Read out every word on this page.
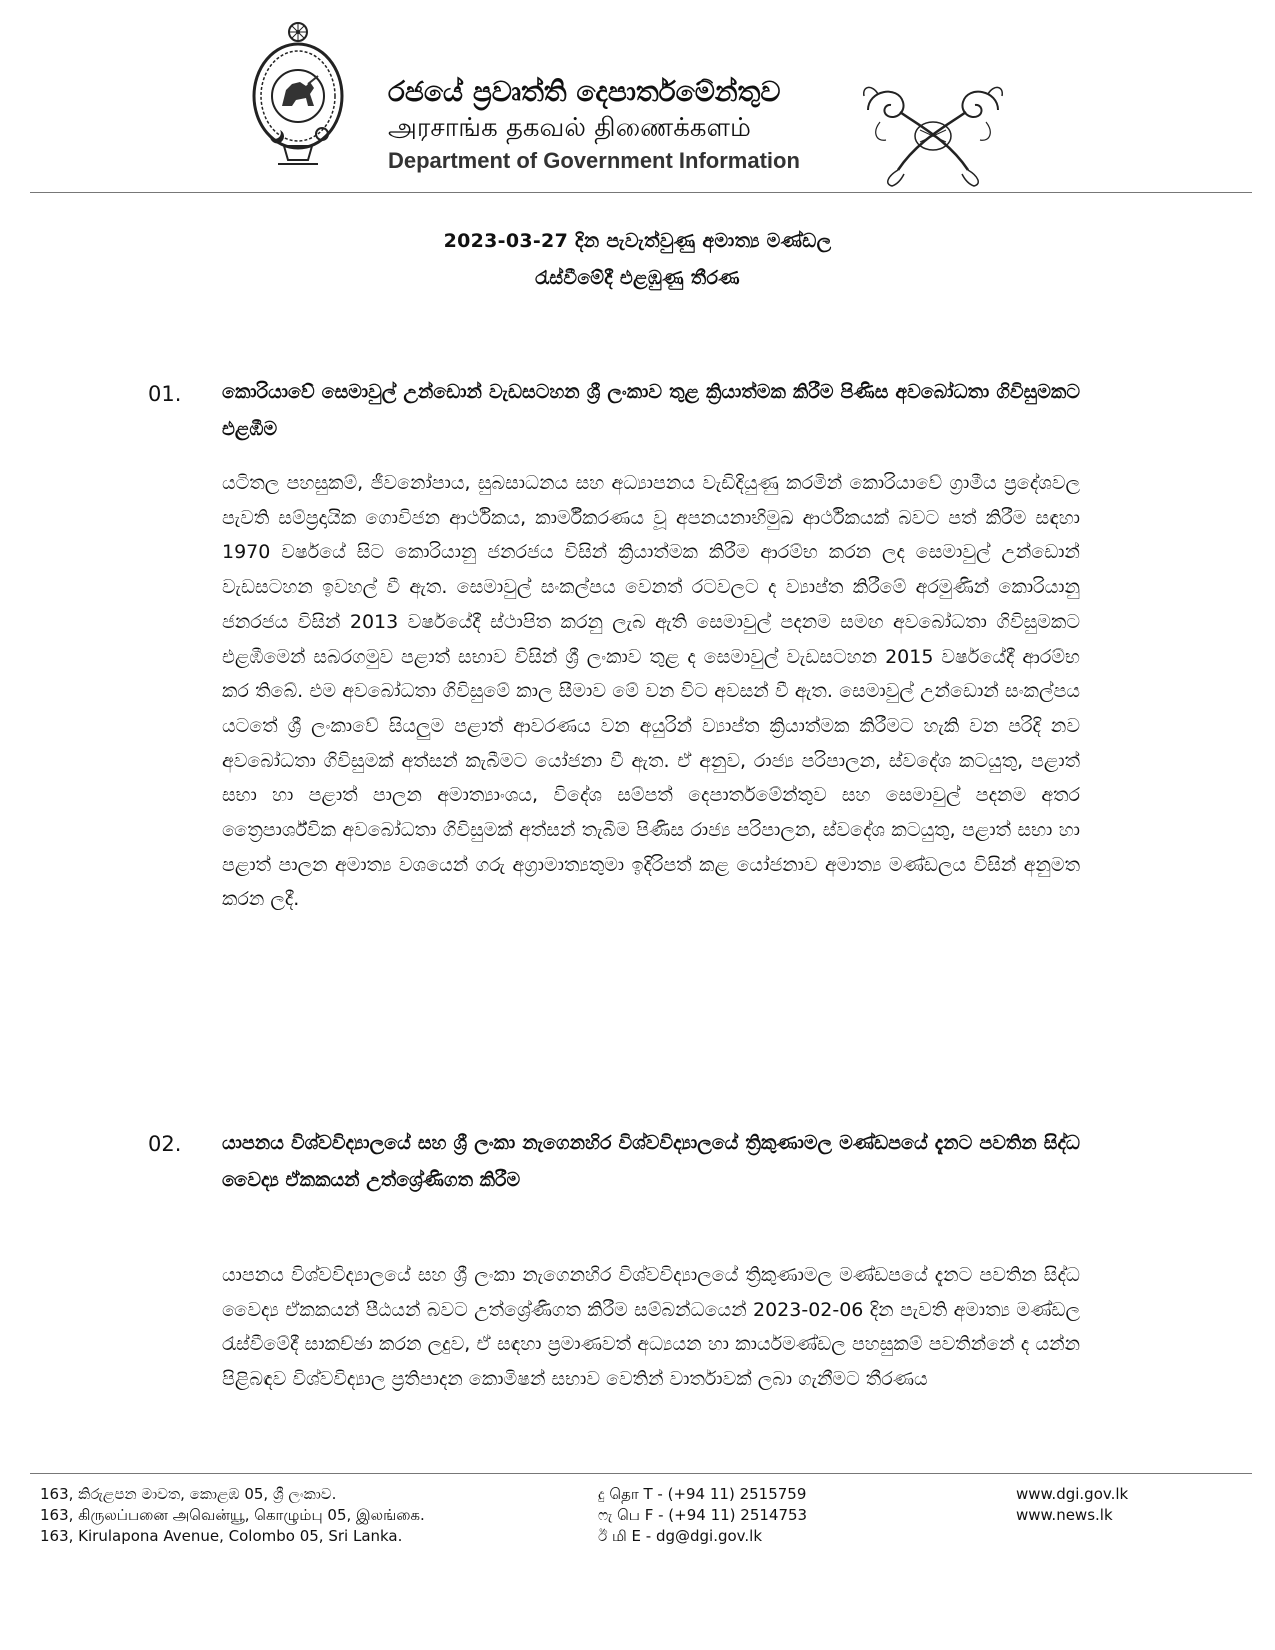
රජයේ ප්‍රවෘත්ති දෙපාර්තමේන්තුව
அரசாங்க தகவல் திணைக்களம்
Department of Government Information
2023-03-27 දින පැවැත්වුණු අමාත්‍ය මණ්ඩල
රැස්වීමේදී එළඹුණු තීරණ
01. කොරියාවේ සෙමාවුල් උන්ඩොන් වැඩසටහන ශ්‍රී ලංකාව තුළ ක්‍රියාත්මක කිරීම පිණිස අවබෝධතා ගිවිසුමකට එළඹීම
යටිතල පහසුකම්, ජීවනෝපාය, සුබසාධනය සහ අධ්‍යාපනය වැඩිදියුණු කරමින් කොරියාවේ ග්‍රාමීය ප්‍රදේශවල පැවති සම්ප්‍රදායික ගොවිජන ආර්ථිකය, කාර්මීකරණය වූ අපනයනාභිමුඛ ආර්ථිකයක් බවට පත් කිරීම සඳහා 1970 වර්ෂයේ සිට කොරියානු ජනරජය විසින් ක්‍රියාත්මක කිරීම ආරම්භ කරන ලද සෙමාවුල් උන්ඩොන් වැඩසටහන ඉවහල් වී ඇත. සෙමාවුල් සංකල්පය වෙනත් රටවලට ද ව්‍යාප්ත කිරීමේ අරමුණින් කොරියානු ජනරජය විසින් 2013 වර්ෂයේදී ස්ථාපිත කරනු ලැබ ඇති සෙමාවුල් පදනම සමඟ අවබෝධතා ගිවිසුමකට එළඹීමෙන් සබරගමුව පළාත් සභාව විසින් ශ්‍රී ලංකාව තුළ ද සෙමාවුල් වැඩසටහන 2015 වර්ෂයේදී ආරම්භ කර තිබේ. එම අවබෝධතා ගිවිසුමේ කාල සීමාව මේ වන විට අවසන් වී ඇත. සෙමාවුල් උන්ඩොන් සංකල්පය යටතේ ශ්‍රී ලංකාවේ සියලුම පළාත් ආවරණය වන අයුරින් ව්‍යාප්ත ක්‍රියාත්මක කිරීමට හැකි වන පරිදි නව අවබෝධතා ගිවිසුමක් අත්සන් කැබීමට යෝජනා වී ඇත. ඒ අනුව, රාජ්‍ය පරිපාලන, ස්වදේශ කටයුතු, පළාත් සභා හා පළාත් පාලන අමාත්‍යාංශය, විදේශ සම්පත් දෙපාර්තමේන්තුව සහ සෙමාවුල් පදනම අතර ත්‍රෛපාර්ශ්වික අවබෝධතා ගිවිසුමක් අත්සන් තැබීම පිණිස රාජ්‍ය පරිපාලන, ස්වදේශ කටයුතු, පළාත් සභා හා පළාත් පාලන අමාත්‍ය වශයෙන් ගරු අග්‍රාමාත්‍යතුමා ඉදිරිපත් කළ යෝජනාව අමාත්‍ය මණ්ඩලය විසින් අනුමත කරන ලදී.
02. යාපනය විශ්වවිද්‍යාලයේ සහ ශ්‍රී ලංකා නැගෙනහිර විශ්වවිද්‍යාලයේ ත්‍රිකුණාමල මණ්ඩපයේ දැනට පවතින සිද්ධ වෛද්‍ය ඒකකයන් උත්ශ්‍රේණිගත කිරීම
යාපනය විශ්වවිද්‍යාලයේ සහ ශ්‍රී ලංකා නැගෙනහිර විශ්වවිද්‍යාලයේ ත්‍රිකුණාමල මණ්ඩපයේ දැනට පවතින සිද්ධ වෛද්‍ය ඒකකයන් පීඨයන් බවට උත්ශ්‍රේණිගත කිරීම සම්බන්ධයෙන් 2023-02-06 දින පැවති අමාත්‍ය මණ්ඩල රැස්වීමේදී සාකච්ඡා කරන ලදුව, ඒ සඳහා ප්‍රමාණවත් අධ්‍යයන හා කාර්යමණ්ඩල පහසුකම් පවතින්නේ ද යන්න පිළිබඳව විශ්වවිද්‍යාල ප්‍රතිපාදන කොමිෂන් සභාව වෙතින් වාර්තාවක් ලබා ගැනීමට තීරණය
163, කිරුළපන මාවත, කොළඹ 05, ශ්‍රී ලංකාව.
163, கிருலப்பனை அவென்யூ, கொழும்பு 05, இலங்கை.
163, Kirulapona Avenue, Colombo 05, Sri Lanka.
දු தொ T - (+94 11) 2515759
ෆැ பெ F - (+94 11) 2514753
ඊ மி E - dg@dgi.gov.lk
www.dgi.gov.lk
www.news.lk
